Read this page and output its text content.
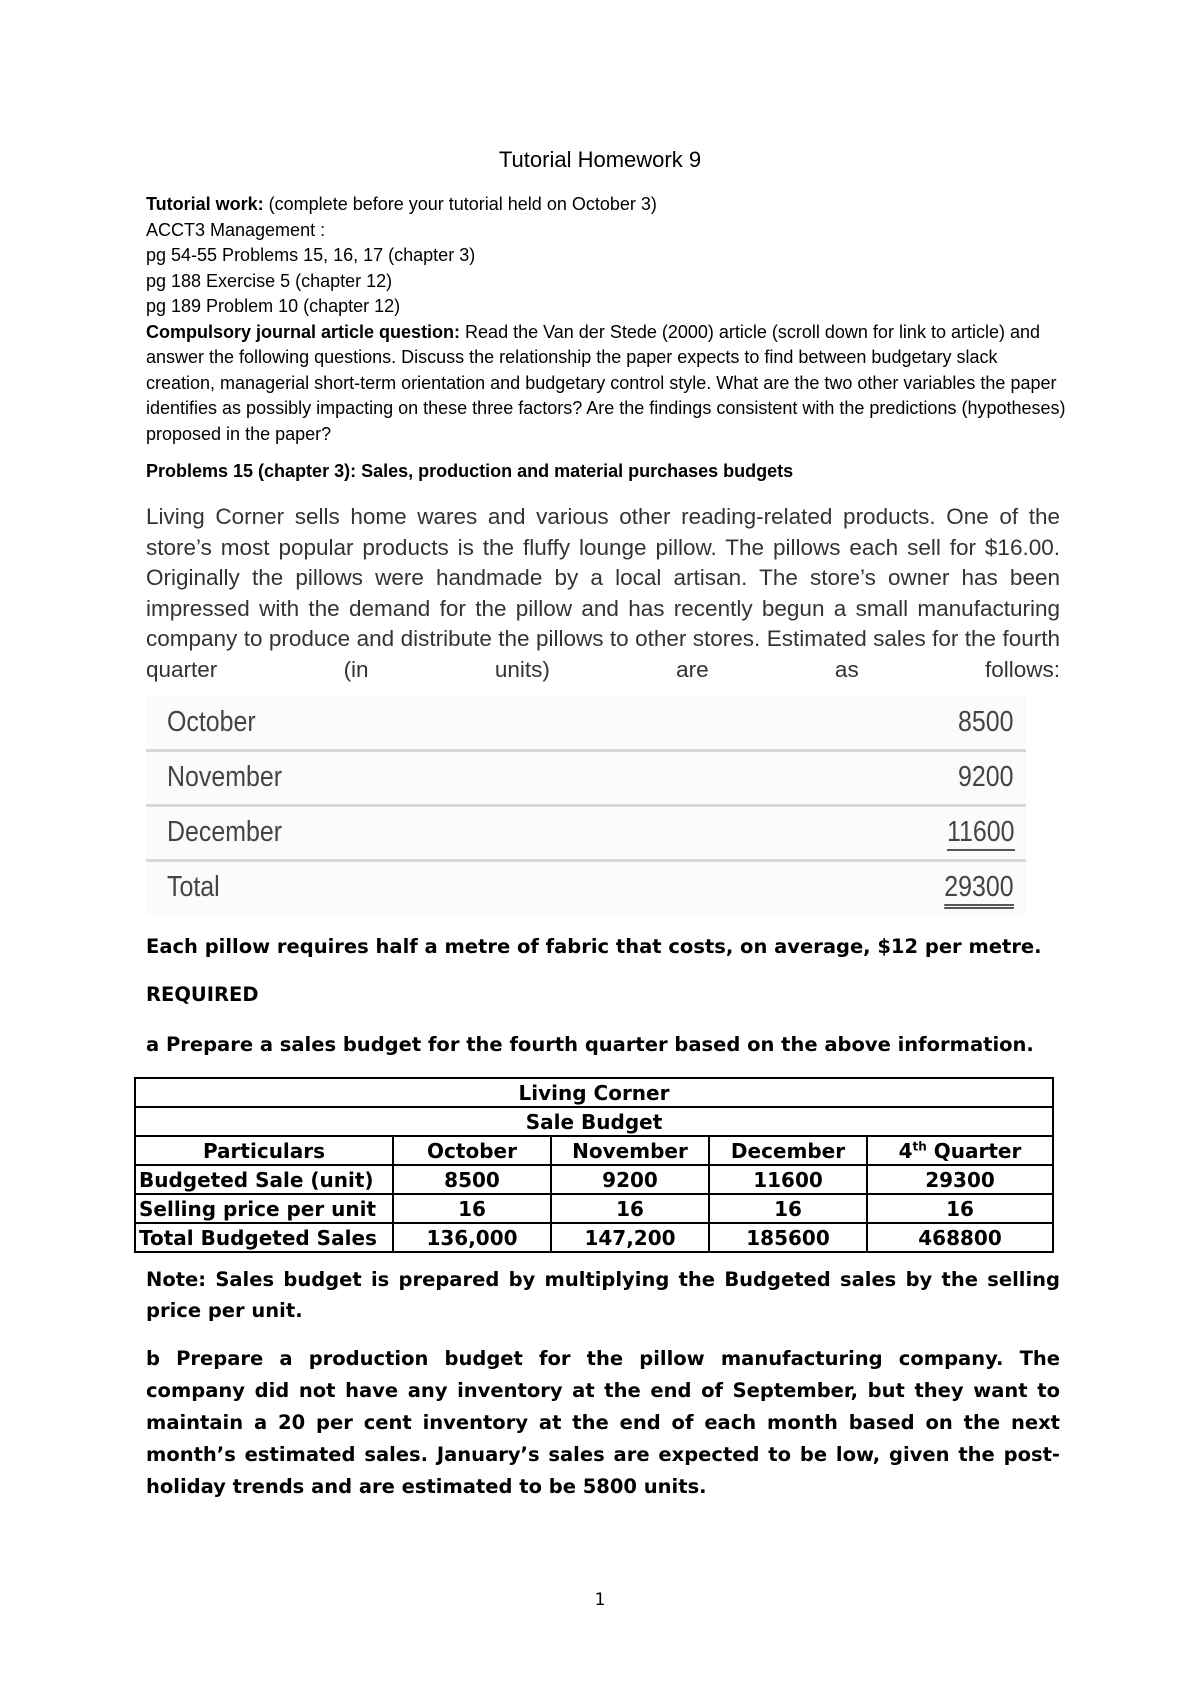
Tutorial Homework 9
Tutorial work: (complete before your tutorial held on October 3)
ACCT3 Management :
pg 54-55 Problems 15, 16, 17 (chapter 3)
pg 188 Exercise 5 (chapter 12)
pg 189 Problem 10 (chapter 12)
Compulsory journal article question: Read the Van der Stede (2000) article (scroll down for link to article) and answer the following questions. Discuss the relationship the paper expects to find between budgetary slack creation, managerial short-term orientation and budgetary control style. What are the two other variables the paper identifies as possibly impacting on these three factors? Are the findings consistent with the predictions (hypotheses) proposed in the paper?
Problems 15 (chapter 3): Sales, production and material purchases budgets
Living Corner sells home wares and various other reading-related products. One of the store’s most popular products is the fluffy lounge pillow. The pillows each sell for $16.00. Originally the pillows were handmade by a local artisan. The store’s owner has been impressed with the demand for the pillow and has recently begun a small manufacturing company to produce and distribute the pillows to other stores. Estimated sales for the fourth quarter (in units) are as follows:
October	8500
November	9200
December	11600
Total	29300
Each pillow requires half a metre of fabric that costs, on average, $12 per metre.
REQUIRED
a Prepare a sales budget for the fourth quarter based on the above information.
Living Corner				
Sale Budget				
Particulars	October	November	December	4th Quarter
Budgeted Sale (unit)	8500	9200	11600	29300
Selling price per unit	16	16	16	16
Total Budgeted Sales	136,000	147,200	185600	468800
Note: Sales budget is prepared by multiplying the Budgeted sales by the selling price per unit.
b Prepare a production budget for the pillow manufacturing company. The company did not have any inventory at the end of September, but they want to maintain a 20 per cent inventory at the end of each month based on the next month’s estimated sales. January’s sales are expected to be low, given the post-holiday trends and are estimated to be 5800 units.
1
